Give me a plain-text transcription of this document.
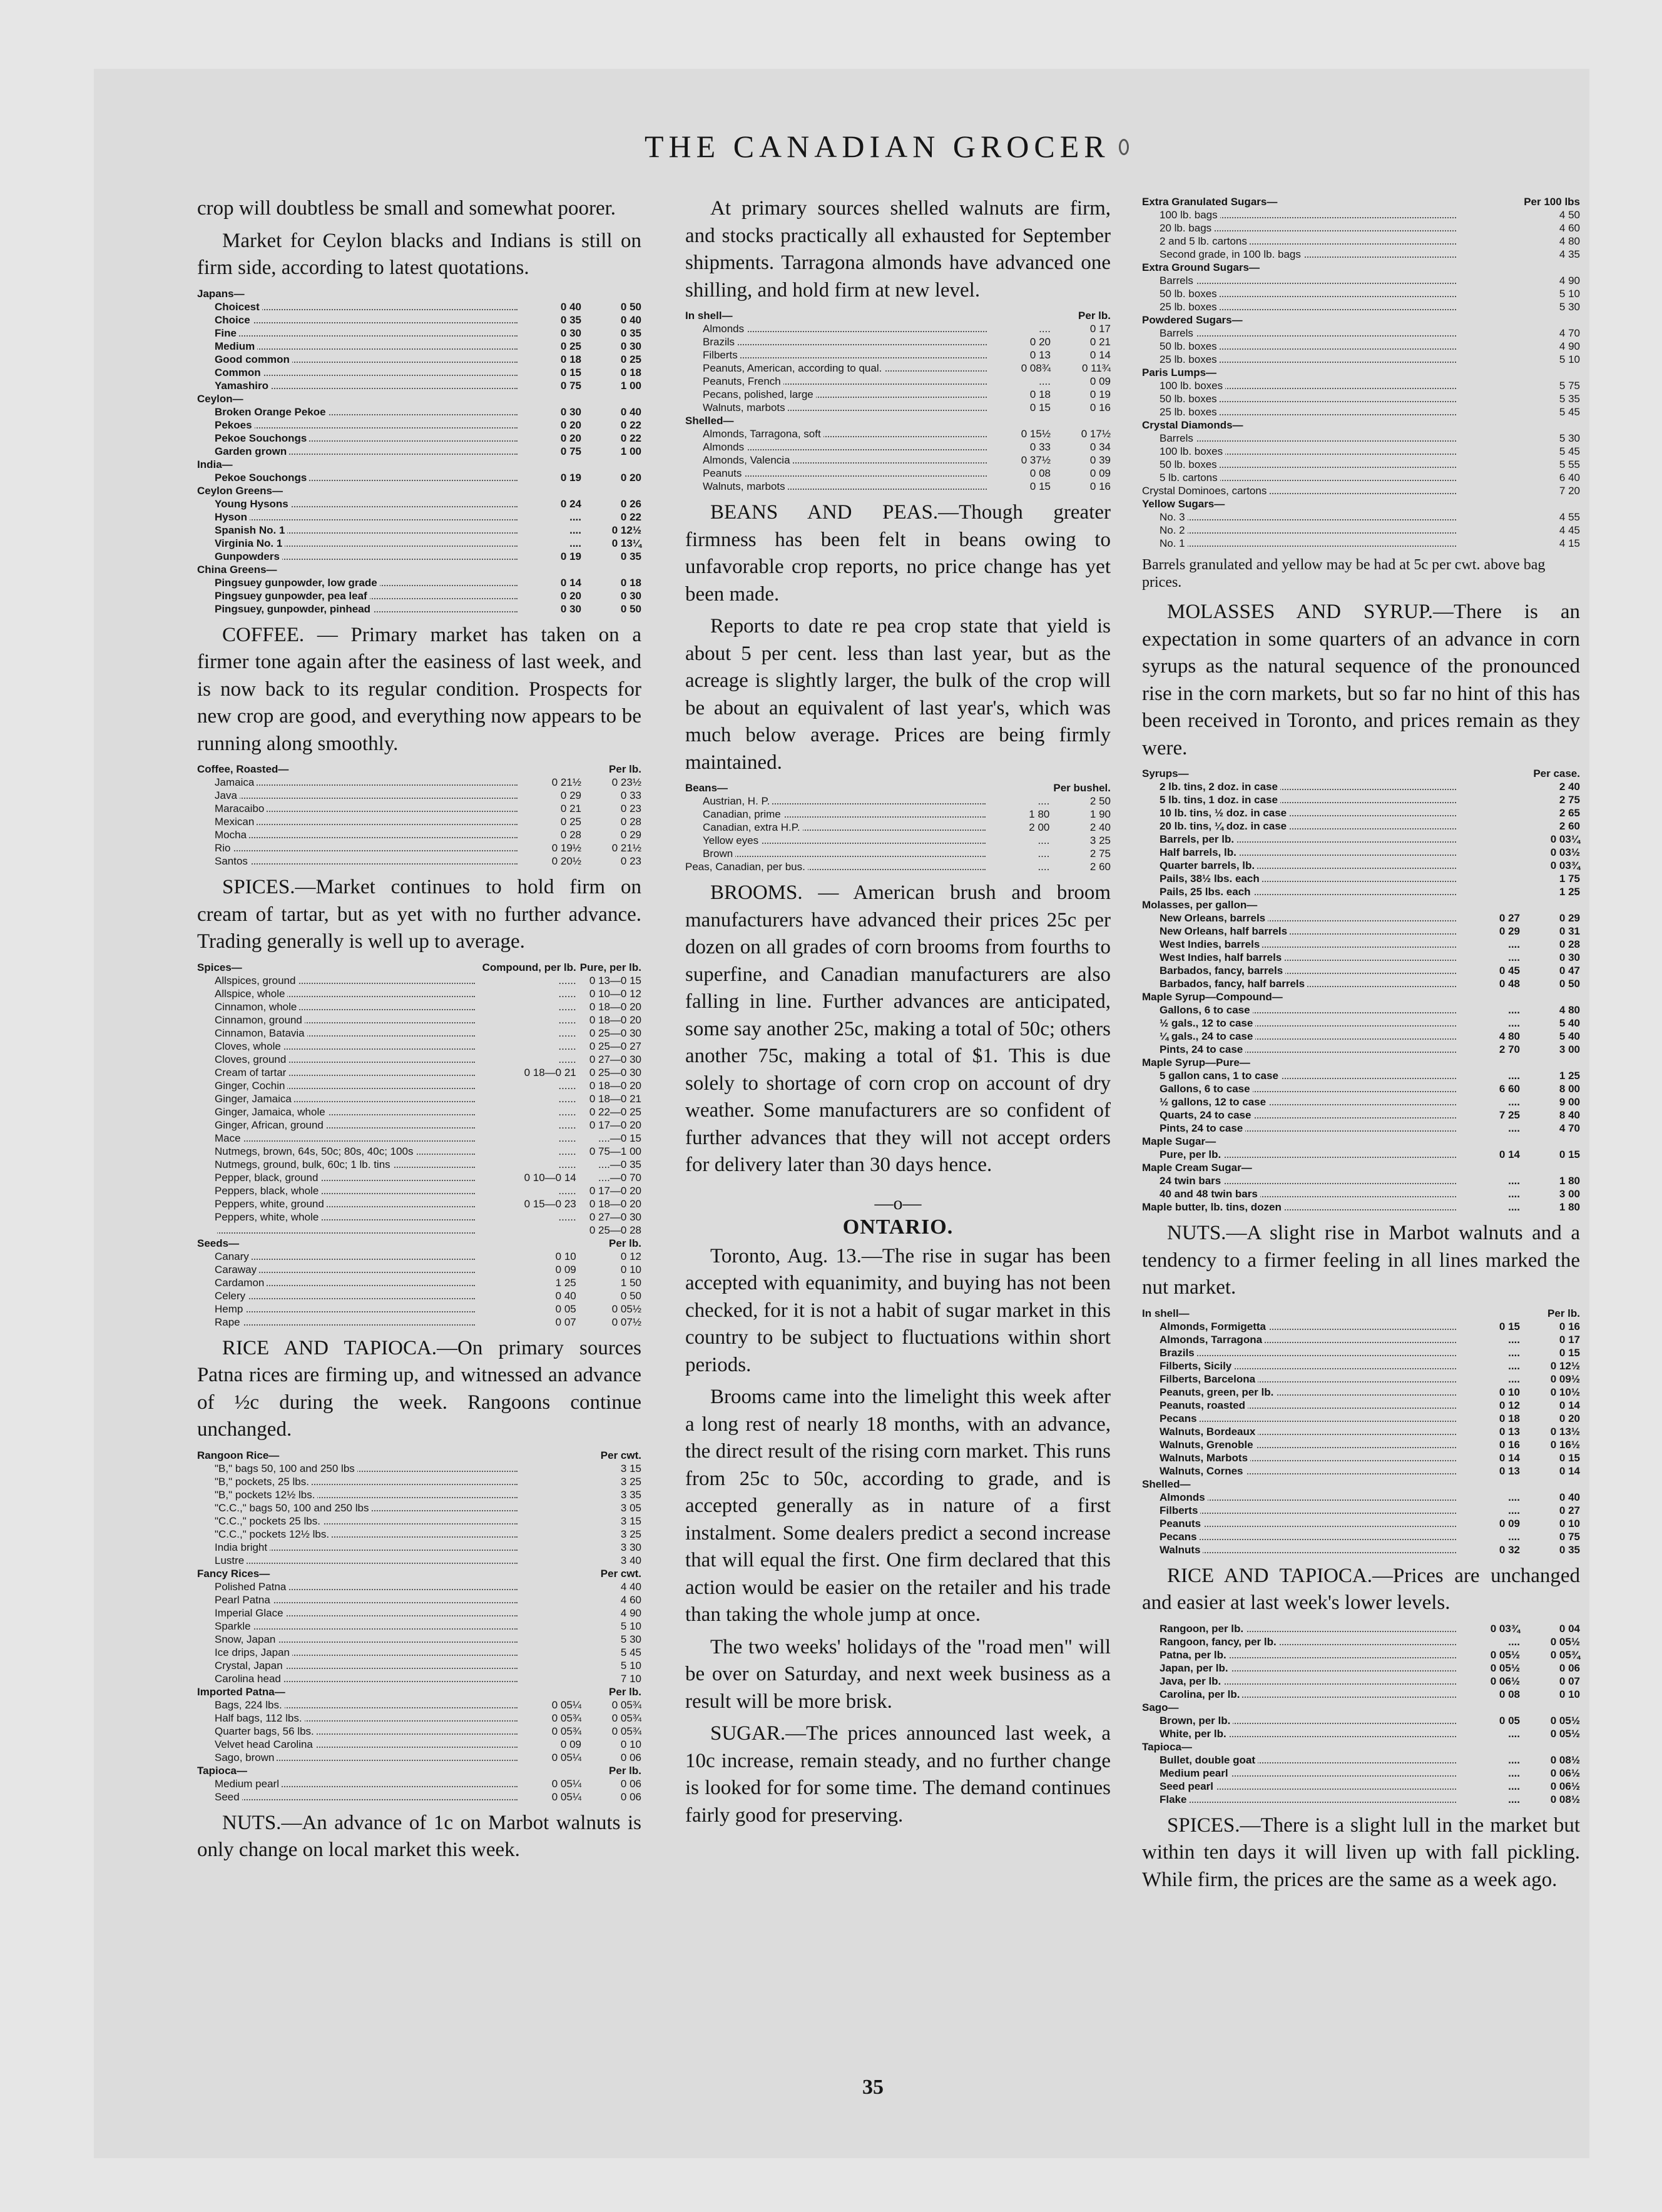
THE CANADIAN GROCER

crop will doubtless be small and somewhat poorer.

Market for Ceylon blacks and Indians is still on firm side, according to latest quotations.

Japans—		
Choicest	0 40	0 50
Choice	0 35	0 40
Fine	0 30	0 35
Medium	0 25	0 30
Good common	0 18	0 25
Common	0 15	0 18
Yamashiro	0 75	1 00
Ceylon—		
Broken Orange Pekoe	0 30	0 40
Pekoes	0 20	0 22
Pekoe Souchongs	0 20	0 22
Garden grown	0 75	1 00
India—		
Pekoe Souchongs	0 19	0 20
Ceylon Greens—		
Young Hysons	0 24	0 26
Hyson	....	0 22
Spanish No. 1	....	0 12½
Virginia No. 1	....	0 13¼
Gunpowders	0 19	0 35
China Greens—		
Pingsuey gunpowder, low grade	0 14	0 18
Pingsuey gunpowder, pea leaf	0 20	0 30
Pingsuey, gunpowder, pinhead	0 30	0 50

COFFEE. — Primary market has taken on a firmer tone again after the easiness of last week, and is now back to its regular condition. Prospects for new crop are good, and everything now appears to be running along smoothly.

Coffee, Roasted—		Per lb.
Jamaica	0 21½	0 23½
Java	0 29	0 33
Maracaibo	0 21	0 23
Mexican	0 25	0 28
Mocha	0 28	0 29
Rio	0 19½	0 21½
Santos	0 20½	0 23

SPICES.—Market continues to hold firm on cream of tartar, but as yet with no further advance. Trading generally is well up to average.

Spices—	Compound, per lb.	Pure, per lb.
Allspices, ground	......	0 13—0 15
Allspice, whole	......	0 10—0 12
Cinnamon, whole	......	0 18—0 20
Cinnamon, ground	......	0 18—0 20
Cinnamon, Batavia	......	0 25—0 30
Cloves, whole	......	0 25—0 27
Cloves, ground	......	0 27—0 30
Cream of tartar	0 18—0 21	0 25—0 30
Ginger, Cochin	......	0 18—0 20
Ginger, Jamaica	......	0 18—0 21
Ginger, Jamaica, whole	......	0 22—0 25
Ginger, African, ground	......	0 17—0 20
Mace	......	....—0 15
Nutmegs, brown, 64s, 50c; 80s, 40c; 100s	......	0 75—1 00
Nutmegs, ground, bulk, 60c; 1 lb. tins	......	....—0 35
Pepper, black, ground	0 10—0 14	....—0 70
Peppers, black, whole	......	0 17—0 20
Peppers, white, ground	0 15—0 23	0 18—0 20
Peppers, white, whole	......	0 27—0 30
		0 25—0 28
Seeds—		Per lb.
Canary	0 10	0 12
Caraway	0 09	0 10
Cardamon	1 25	1 50
Celery	0 40	0 50
Hemp	0 05	0 05½
Rape	0 07	0 07½

RICE AND TAPIOCA.—On primary sources Patna rices are firming up, and witnessed an advance of ½c during the week. Rangoons continue unchanged.

Rangoon Rice—		Per cwt.
"B," bags 50, 100 and 250 lbs		3 15
"B," pockets, 25 lbs.		3 25
"B," pockets 12½ lbs.		3 35
"C.C.," bags 50, 100 and 250 lbs		3 05
"C.C.," pockets 25 lbs.		3 15
"C.C.," pockets 12½ lbs.		3 25
India bright		3 30
Lustre		3 40
Fancy Rices—		Per cwt.
Polished Patna		4 40
Pearl Patna		4 60
Imperial Glace		4 90
Sparkle		5 10
Snow, Japan		5 30
Ice drips, Japan		5 45
Crystal, Japan		5 10
Carolina head		7 10
Imported Patna—		Per lb.
Bags, 224 lbs.	0 05¼	0 05¾
Half bags, 112 lbs.	0 05¾	0 05¾
Quarter bags, 56 lbs.	0 05¾	0 05¾
Velvet head Carolina	0 09	0 10
Sago, brown	0 05¼	0 06
Tapioca—		Per lb.
Medium pearl	0 05¼	0 06
Seed	0 05¼	0 06

NUTS.—An advance of 1c on Marbot walnuts is only change on local market this week.

At primary sources shelled walnuts are firm, and stocks practically all exhausted for September shipments. Tarragona almonds have advanced one shilling, and hold firm at new level.

In shell—		Per lb.
Almonds	....	0 17
Brazils	0 20	0 21
Filberts	0 13	0 14
Peanuts, American, according to qual.	0 08¾	0 11¾
Peanuts, French	....	0 09
Pecans, polished, large	0 18	0 19
Walnuts, marbots	0 15	0 16
Shelled—		
Almonds, Tarragona, soft	0 15½	0 17½
Almonds	0 33	0 34
Almonds, Valencia	0 37½	0 39
Peanuts	0 08	0 09
Walnuts, marbots	0 15	0 16

BEANS AND PEAS.—Though greater firmness has been felt in beans owing to unfavorable crop reports, no price change has yet been made.

Reports to date re pea crop state that yield is about 5 per cent. less than last year, but as the acreage is slightly larger, the bulk of the crop will be about an equivalent of last year's, which was much below average. Prices are being firmly maintained.

Beans—		Per bushel.
Austrian, H. P.	....	2 50
Canadian, prime	1 80	1 90
Canadian, extra H.P.	2 00	2 40
Yellow eyes	....	3 25
Brown	....	2 75
Peas, Canadian, per bus.	....	2 60

BROOMS. — American brush and broom manufacturers have advanced their prices 25c per dozen on all grades of corn brooms from fourths to superfine, and Canadian manufacturers are also falling in line. Further advances are anticipated, some say another 25c, making a total of 50c; others another 75c, making a total of $1. This is due solely to shortage of corn crop on account of dry weather. Some manufacturers are so confident of further advances that they will not accept orders for delivery later than 30 days hence.

—o—
ONTARIO.

Toronto, Aug. 13.—The rise in sugar has been accepted with equanimity, and buying has not been checked, for it is not a habit of sugar market in this country to be subject to fluctuations within short periods.

Brooms came into the limelight this week after a long rest of nearly 18 months, with an advance, the direct result of the rising corn market. This runs from 25c to 50c, according to grade, and is accepted generally as in nature of a first instalment. Some dealers predict a second increase that will equal the first. One firm declared that this action would be easier on the retailer and his trade than taking the whole jump at once.

The two weeks' holidays of the "road men" will be over on Saturday, and next week business as a result will be more brisk.

SUGAR.—The prices announced last week, a 10c increase, remain steady, and no further change is looked for for some time. The demand continues fairly good for preserving.

Extra Granulated Sugars—		Per 100 lbs
100 lb. bags		4 50
20 lb. bags		4 60
2 and 5 lb. cartons		4 80
Second grade, in 100 lb. bags		4 35
Extra Ground Sugars—		
Barrels		4 90
50 lb. boxes		5 10
25 lb. boxes		5 30
Powdered Sugars—		
Barrels		4 70
50 lb. boxes		4 90
25 lb. boxes		5 10
Paris Lumps—		
100 lb. boxes		5 75
50 lb. boxes		5 35
25 lb. boxes		5 45
Crystal Diamonds—		
Barrels		5 30
100 lb. boxes		5 45
50 lb. boxes		5 55
5 lb. cartons		6 40
Crystal Dominoes, cartons		7 20
Yellow Sugars—		
No. 3		4 55
No. 2		4 45
No. 1		4 15
Barrels granulated and yellow may be had at 5c per cwt. above bag prices.

MOLASSES AND SYRUP.—There is an expectation in some quarters of an advance in corn syrups as the natural sequence of the pronounced rise in the corn markets, but so far no hint of this has been received in Toronto, and prices remain as they were.

Syrups—		Per case.
2 lb. tins, 2 doz. in case		2 40
5 lb. tins, 1 doz. in case		2 75
10 lb. tins, ½ doz. in case		2 65
20 lb. tins, ¼ doz. in case		2 60
Barrels, per lb.		0 03¼
Half barrels, lb.		0 03½
Quarter barrels, lb.		0 03¾
Pails, 38½ lbs. each		1 75
Pails, 25 lbs. each		1 25
Molasses, per gallon—		
New Orleans, barrels	0 27	0 29
New Orleans, half barrels	0 29	0 31
West Indies, barrels	....	0 28
West Indies, half barrels	....	0 30
Barbados, fancy, barrels	0 45	0 47
Barbados, fancy, half barrels	0 48	0 50
Maple Syrup—Compound—		
Gallons, 6 to case	....	4 80
½ gals., 12 to case	....	5 40
¼ gals., 24 to case	4 80	5 40
Pints, 24 to case	2 70	3 00
Maple Syrup—Pure—		
5 gallon cans, 1 to case	....	1 25
Gallons, 6 to case	6 60	8 00
½ gallons, 12 to case	....	9 00
Quarts, 24 to case	7 25	8 40
Pints, 24 to case	....	4 70
Maple Sugar—		
Pure, per lb.	0 14	0 15
Maple Cream Sugar—		
24 twin bars	....	1 80
40 and 48 twin bars	....	3 00
Maple butter, lb. tins, dozen	....	1 80

NUTS.—A slight rise in Marbot walnuts and a tendency to a firmer feeling in all lines marked the nut market.

In shell—		Per lb.
Almonds, Formigetta	0 15	0 16
Almonds, Tarragona	....	0 17
Brazils	....	0 15
Filberts, Sicily	....	0 12½
Filberts, Barcelona	....	0 09½
Peanuts, green, per lb.	0 10	0 10½
Peanuts, roasted	0 12	0 14
Pecans	0 18	0 20
Walnuts, Bordeaux	0 13	0 13½
Walnuts, Grenoble	0 16	0 16½
Walnuts, Marbots	0 14	0 15
Walnuts, Cornes	0 13	0 14
Shelled—		
Almonds	....	0 40
Filberts	....	0 27
Peanuts	0 09	0 10
Pecans	....	0 75
Walnuts	0 32	0 35

RICE AND TAPIOCA.—Prices are unchanged and easier at last week's lower levels.

Rangoon, per lb.	0 03¾	0 04
Rangoon, fancy, per lb.	....	0 05½
Patna, per lb.	0 05½	0 05¾
Japan, per lb.	0 05½	0 06
Java, per lb.	0 06½	0 07
Carolina, per lb.	0 08	0 10
Sago—		
Brown, per lb.	0 05	0 05½
White, per lb.	....	0 05½
Tapioca—		
Bullet, double goat	....	0 08½
Medium pearl	....	0 06½
Seed pearl	....	0 06½
Flake	....	0 08½

SPICES.—There is a slight lull in the market but within ten days it will liven up with fall pickling. While firm, the prices are the same as a week ago.

35
